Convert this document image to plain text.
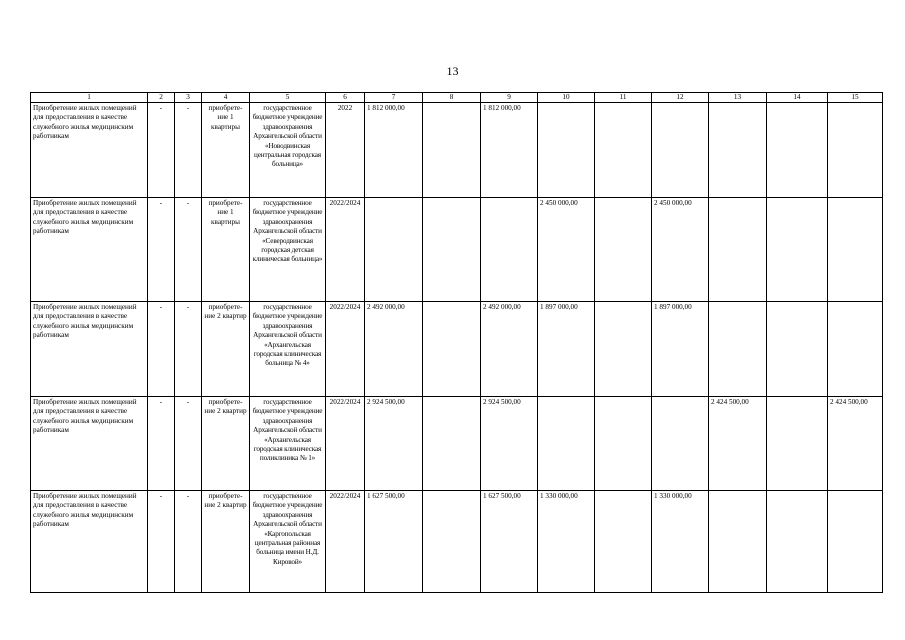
13
1	2	3	4	5	6	7	8	9	10	11	12	13	14	15
Приобретение жилых помещений для предоставления в качестве служебного жилья медицинским работникам	-	-	приобрете-ние 1 квартиры	государственное бюджетное учреждение здравоохранения Архангельской области «Новодвинская центральная городская больница»	2022	1 812 000,00		1 812 000,00						
Приобретение жилых помещений для предоставления в качестве служебного жилья медицинским работникам	-	-	приобрете-ние 1 квартиры	государственное бюджетное учреждение здравоохранения Архангельской области «Северодвинская городская детская клиническая больница»	2022/2024				2 450 000,00		2 450 000,00			
Приобретение жилых помещений для предоставления в качестве служебного жилья медицинским работникам	-	-	приобрете-ние 2 квартир	государственное бюджетное учреждение здравоохранения Архангельской области «Архангельская городская клиническая больница № 4»	2022/2024	2 492 000,00		2 492 000,00	1 897 000,00		1 897 000,00			
Приобретение жилых помещений для предоставления в качестве служебного жилья медицинским работникам	-	-	приобрете-ние 2 квартир	государственное бюджетное учреждение здравоохранения Архангельской области «Архангельская городская клиническая поликлиника № 1»	2022/2024	2 924 500,00		2 924 500,00				2 424 500,00		2 424 500,00
Приобретение жилых помещений для предоставления в качестве служебного жилья медицинским работникам	-	-	приобрете-ние 2 квартир	государственное бюджетное учреждение здравоохранения Архангельской области «Каргопольская центральная районная больница имени Н.Д. Кировой»	2022/2024	1 627 500,00		1 627 500,00	1 330 000,00		1 330 000,00			
